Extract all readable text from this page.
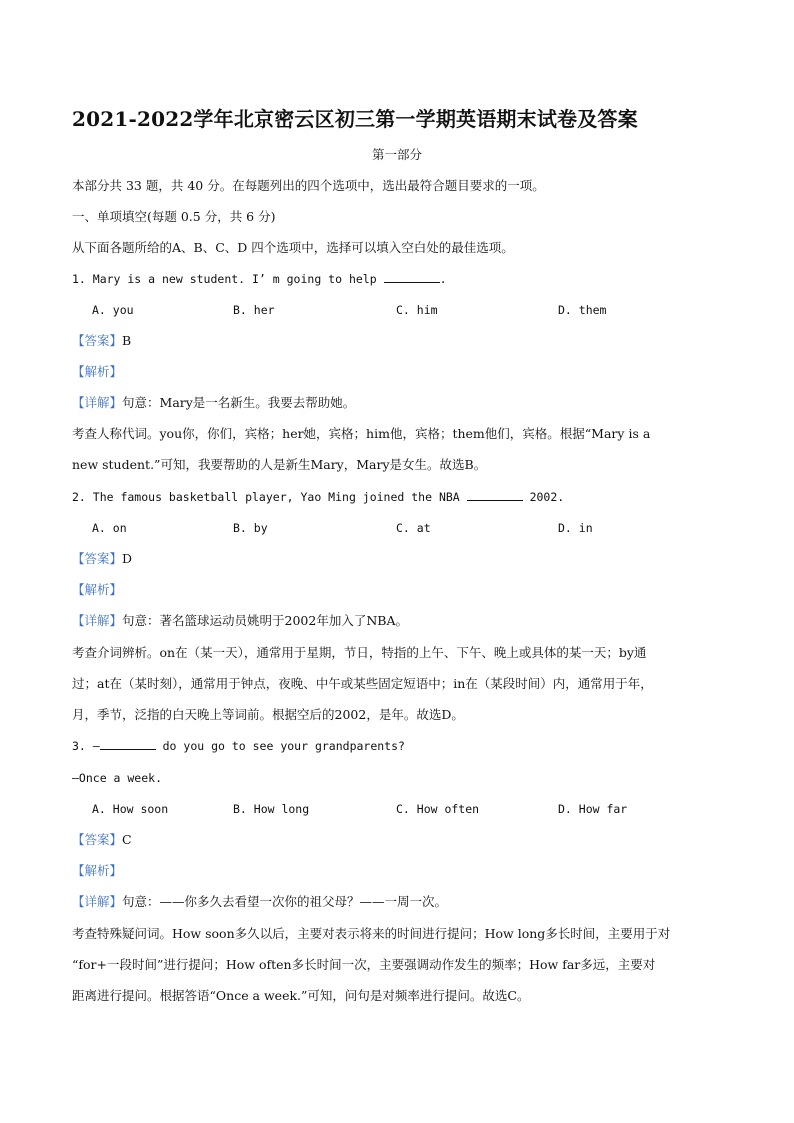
2021-2022学年北京密云区初三第一学期英语期末试卷及答案
第一部分
本部分共 33 题，共 40 分。在每题列出的四个选项中，选出最符合题目要求的一项。
一、单项填空(每题 0.5 分，共 6 分)
从下面各题所给的A、B、C、D 四个选项中，选择可以填入空白处的最佳选项。
1. Mary is a new student. I’ m going to help	.
A. you	B. her	C. him	D. them
【答案】B
【解析】
【详解】句意：Mary是一名新生。我要去帮助她。
考查人称代词。you你，你们，宾格；her她，宾格；him他，宾格；them他们，宾格。根据“Mary is a
new student.”可知，我要帮助的人是新生Mary，Mary是女生。故选B。
2. The famous basketball player, Yao Ming joined the NBA	2002.
A. on	B. by	C. at	D. in
【答案】D
【解析】
【详解】句意：著名篮球运动员姚明于2002年加入了NBA。
考查介词辨析。on在（某一天），通常用于星期，节日，特指的上午、下午、晚上或具体的某一天；by通
过；at在（某时刻），通常用于钟点，夜晚、中午或某些固定短语中；in在（某段时间）内，通常用于年，
月，季节，泛指的白天晚上等词前。根据空后的2002，是年。故选D。
3. —	do you go to see your grandparents?
—Once a week.
A. How soon	B. How long	C. How often	D. How far
【答案】C
【解析】
【详解】句意：——你多久去看望一次你的祖父母？——一周一次。
考查特殊疑问词。How soon多久以后，主要对表示将来的时间进行提问；How long多长时间，主要用于对
“for+一段时间”进行提问；How often多长时间一次，主要强调动作发生的频率；How far多远，主要对
距离进行提问。根据答语“Once a week.”可知，问句是对频率进行提问。故选C。
